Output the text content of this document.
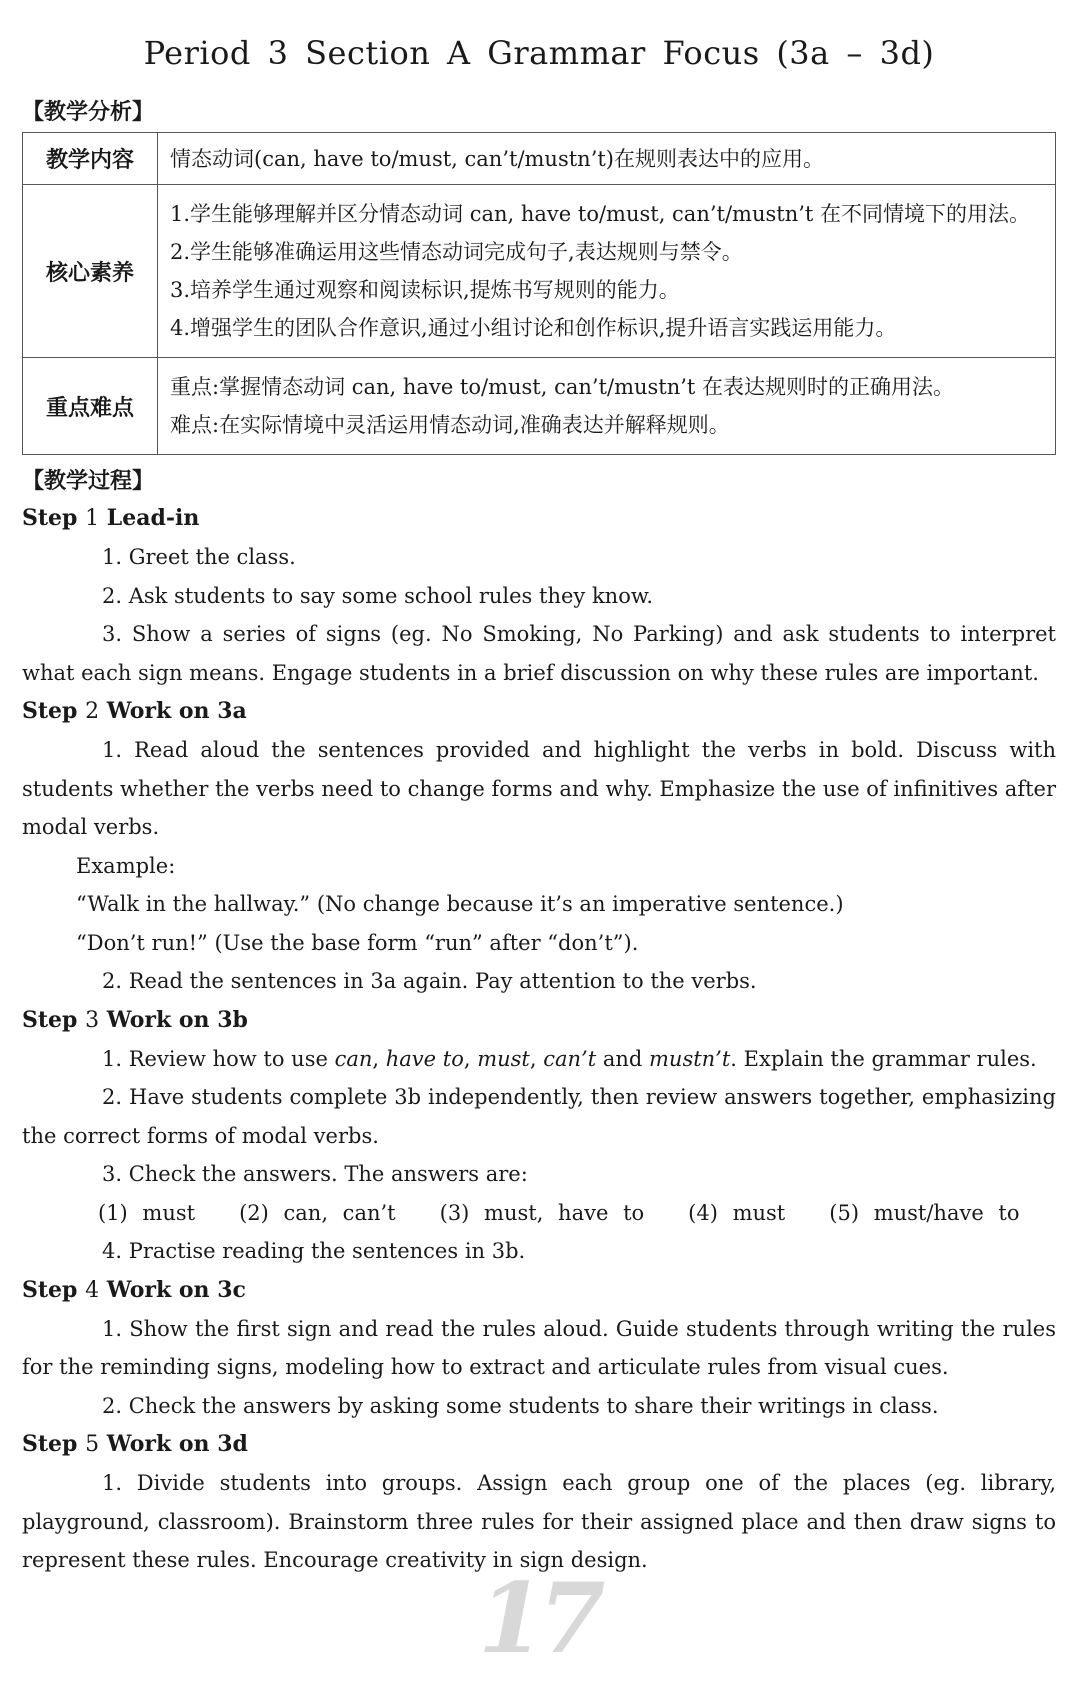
17
Period 3 Section A Grammar Focus (3a – 3d)
【教学分析】
教学内容	情态动词(can, have to/must, can’t/mustn’t)在规则表达中的应用。
核心素养	1.学生能够理解并区分情态动词 can, have to/must, can’t/mustn’t 在不同情境下的用法。
2.学生能够准确运用这些情态动词完成句子,表达规则与禁令。
3.培养学生通过观察和阅读标识,提炼书写规则的能力。
4.增强学生的团队合作意识,通过小组讨论和创作标识,提升语言实践运用能力。

重点难点	重点:掌握情态动词 can, have to/must, can’t/mustn’t 在表达规则时的正确用法。
难点:在实际情境中灵活运用情态动词,准确表达并解释规则。
【教学过程】
Step 1 Lead-in

1. Greet the class.

2. Ask students to say some school rules they know.

3. Show a series of signs (eg. No Smoking, No Parking) and ask students to interpret what each sign means. Engage students in a brief discussion on why these rules are important.

Step 2 Work on 3a

1. Read aloud the sentences provided and highlight the verbs in bold. Discuss with students whether the verbs need to change forms and why. Emphasize the use of infinitives after modal verbs.

Example:

“Walk in the hallway.” (No change because it’s an imperative sentence.)

“Don’t run!” (Use the base form “run” after “don’t”).

2. Read the sentences in 3a again. Pay attention to the verbs.

Step 3 Work on 3b

1. Review how to use can, have to, must, can’t and mustn’t. Explain the grammar rules.

2. Have students complete 3b independently, then review answers together, emphasizing the correct forms of modal verbs.

3. Check the answers. The answers are:

(1) must   (2) can, can’t   (3) must, have to   (4) must   (5) must/have to

4. Practise reading the sentences in 3b.

Step 4 Work on 3c

1. Show the first sign and read the rules aloud. Guide students through writing the rules for the reminding signs, modeling how to extract and articulate rules from visual cues.

2. Check the answers by asking some students to share their writings in class.

Step 5 Work on 3d

1. Divide students into groups. Assign each group one of the places (eg. library, playground, classroom). Brainstorm three rules for their assigned place and then draw signs to represent these rules. Encourage creativity in sign design.
